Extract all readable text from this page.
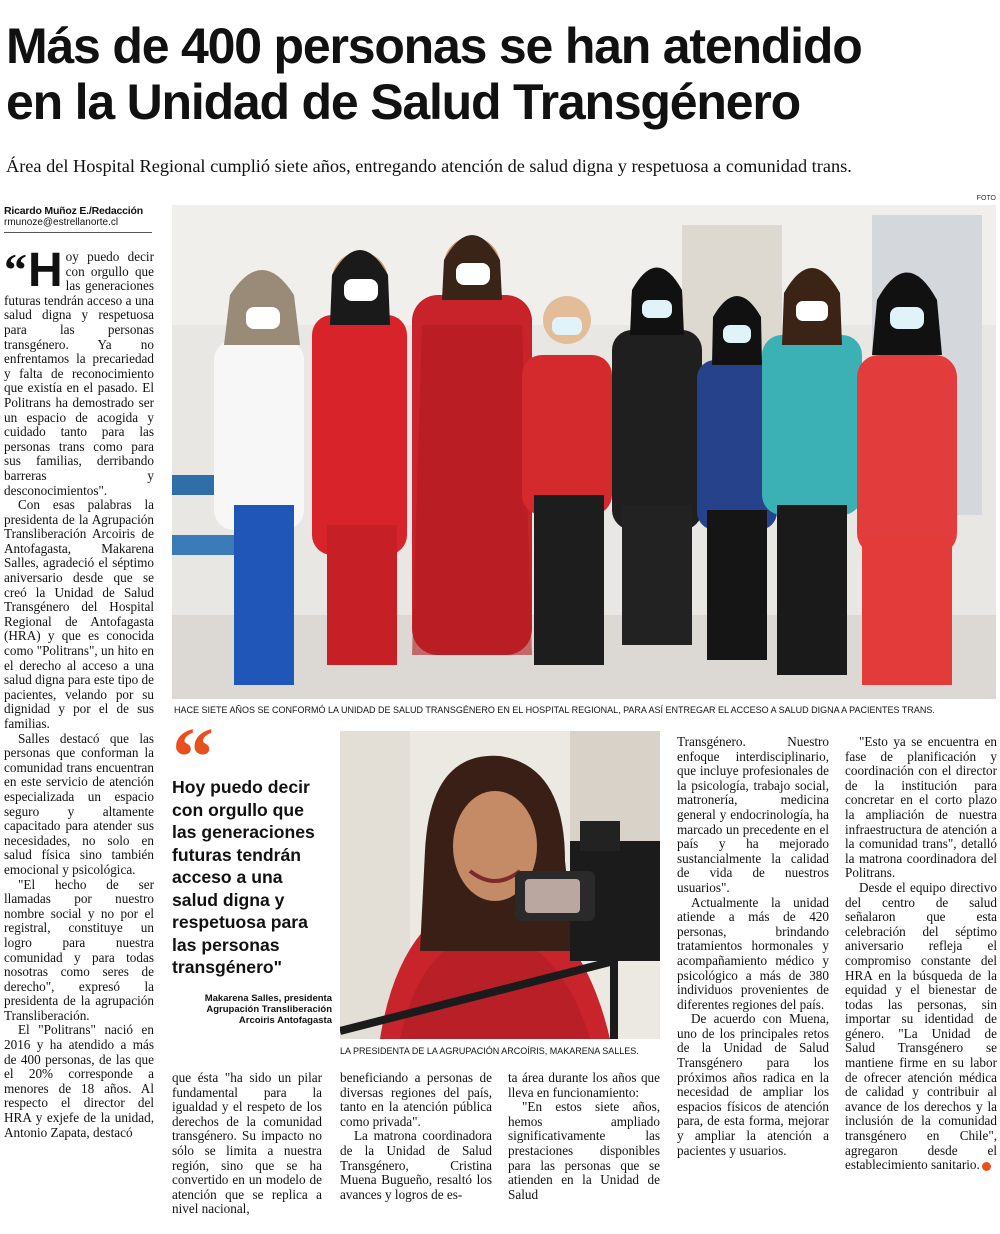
Más de 400 personas se han atendido
en la Unidad de Salud Transgénero
Área del Hospital Regional cumplió siete años, entregando atención de salud digna y respetuosa a comunidad trans.
FOTO
Ricardo Muñoz E./Redacción
rmunoze@estrellanorte.cl

“ H oy puedo decir con orgullo que las generaciones futuras tendrán acceso a una salud digna y respetuosa para las personas transgénero. Ya no enfrentamos la precariedad y falta de reconocimiento que existía en el pasado. El Politrans ha demostrado ser un espacio de acogida y cuidado tanto para las personas trans como para sus familias, derribando barreras y desconocimientos".

Con esas palabras la presidenta de la Agrupación Transliberación Arcoiris de Antofagasta, Makarena Salles, agradeció el séptimo aniversario desde que se creó la Unidad de Salud Transgénero del Hospital Regional de Antofagasta (HRA) y que es conocida como "Politrans", un hito en el derecho al acceso a una salud digna para este tipo de pacientes, velando por su dignidad y por el de sus familias.

Salles destacó que las personas que conforman la comunidad trans encuentran en este servicio de atención especializada un espacio seguro y altamente capacitado para atender sus necesidades, no solo en salud física sino también emocional y psicológica.

"El hecho de ser llamadas por nuestro nombre social y no por el registral, constituye un logro para nuestra comunidad y para todas nosotras como seres de derecho", expresó la presidenta de la agrupación Transliberación.

El "Politrans" nació en 2016 y ha atendido a más de 400 personas, de las que el 20% corresponde a menores de 18 años. Al respecto el director del HRA y exjefe de la unidad, Antonio Zapata, destacó

HACE SIETE AÑOS SE CONFORMÓ LA UNIDAD DE SALUD TRANSGÉNERO EN EL HOSPITAL REGIONAL, PARA ASÍ ENTREGAR EL ACCESO A SALUD DIGNA A PACIENTES TRANS.
Hoy puedo decir con orgullo que las generaciones futuras tendrán acceso a una salud digna y respetuosa para las personas transgénero"
Makarena Salles, presidenta
Agrupación Transliberación
Arcoiris Antofagasta
LA PRESIDENTA DE LA AGRUPACIÓN ARCOÍRIS, MAKARENA SALLES.

que ésta "ha sido un pilar fundamental para la igualdad y el respeto de los derechos de la comunidad transgénero. Su impacto no sólo se limita a nuestra región, sino que se ha convertido en un modelo de atención que se replica a nivel nacional,

beneficiando a personas de diversas regiones del país, tanto en la atención pública como privada".

La matrona coordinadora de la Unidad de Salud Transgénero, Cristina Muena Bugueño, resaltó los avances y logros de es-

ta área durante los años que lleva en funcionamiento:

"En estos siete años, hemos ampliado significativamente las prestaciones disponibles para las personas que se atienden en la Unidad de Salud

Transgénero. Nuestro enfoque interdisciplinario, que incluye profesionales de la psicología, trabajo social, matronería, medicina general y endocrinología, ha marcado un precedente en el país y ha mejorado sustancialmente la calidad de vida de nuestros usuarios".

Actualmente la unidad atiende a más de 420 personas, brindando tratamientos hormonales y acompañamiento médico y psicológico a más de 380 individuos provenientes de diferentes regiones del país.

De acuerdo con Muena, uno de los principales retos de la Unidad de Salud Transgénero para los próximos años radica en la necesidad de ampliar los espacios físicos de atención para, de esta forma, mejorar y ampliar la atención a pacientes y usuarios.

"Esto ya se encuentra en fase de planificación y coordinación con el director de la institución para concretar en el corto plazo la ampliación de nuestra infraestructura de atención a la comunidad trans", detalló la matrona coordinadora del Politrans.

Desde el equipo directivo del centro de salud señalaron que esta celebración del séptimo aniversario refleja el compromiso constante del HRA en la búsqueda de la equidad y el bienestar de todas las personas, sin importar su identidad de género. "La Unidad de Salud Transgénero se mantiene firme en su labor de ofrecer atención médica de calidad y contribuir al avance de los derechos y la inclusión de la comunidad transgénero en Chile", agregaron desde el establecimiento sanitario.
